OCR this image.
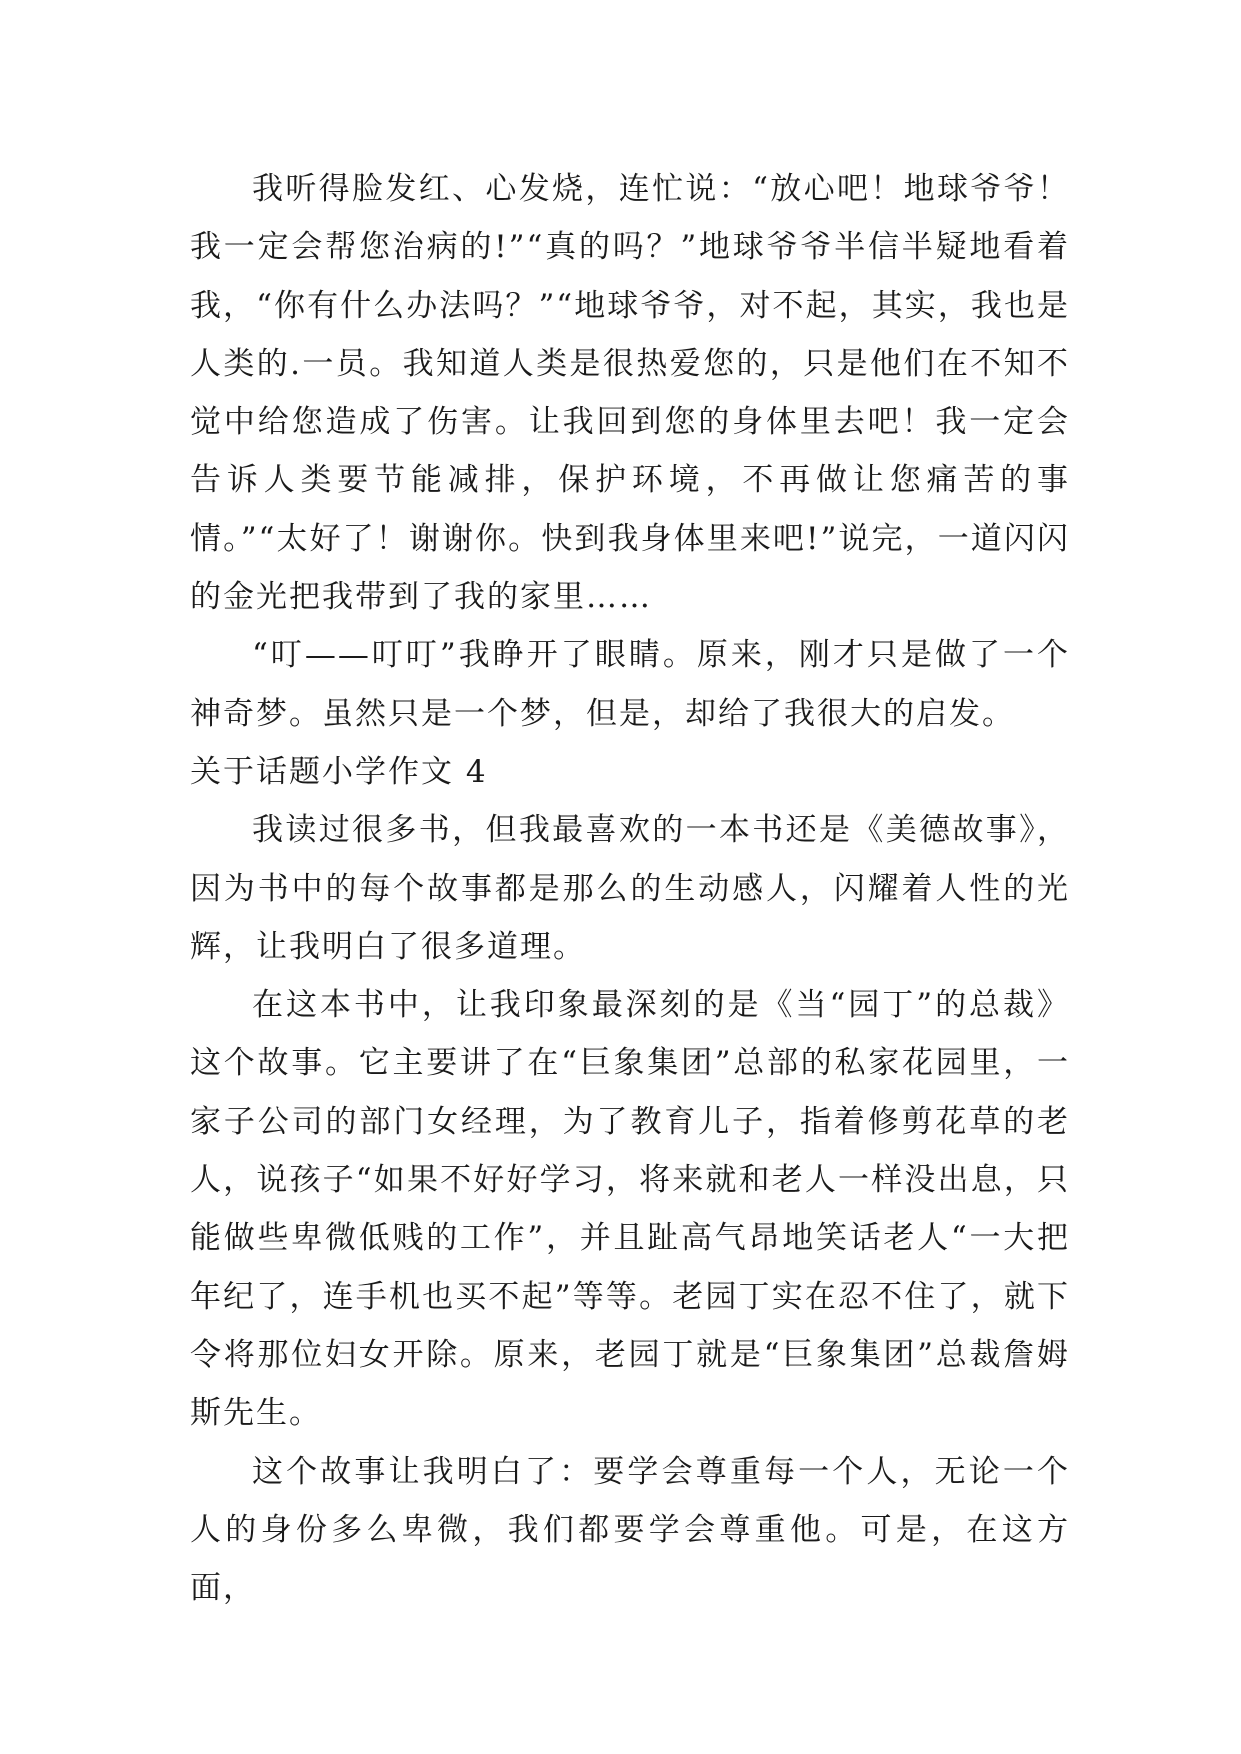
我听得脸发红、心发烧，连忙说：“放心吧！地球爷爷！我一定会帮您治病的!”“真的吗？”地球爷爷半信半疑地看着我，“你有什么办法吗？”“地球爷爷，对不起，其实，我也是人类的.一员。我知道人类是很热爱您的，只是他们在不知不觉中给您造成了伤害。让我回到您的身体里去吧！我一定会告诉人类要节能减排，保护环境，不再做让您痛苦的事情。”“太好了！谢谢你。快到我身体里来吧!”说完，一道闪闪的金光把我带到了我的家里……

“叮——叮叮”我睁开了眼睛。原来，刚才只是做了一个神奇梦。虽然只是一个梦，但是，却给了我很大的启发。

关于话题小学作文 4

我读过很多书，但我最喜欢的一本书还是《美德故事》，因为书中的每个故事都是那么的生动感人，闪耀着人性的光辉，让我明白了很多道理。

在这本书中，让我印象最深刻的是《当“园丁”的总裁》这个故事。它主要讲了在“巨象集团”总部的私家花园里，一家子公司的部门女经理，为了教育儿子，指着修剪花草的老人，说孩子“如果不好好学习，将来就和老人一样没出息，只能做些卑微低贱的工作”，并且趾高气昂地笑话老人“一大把年纪了，连手机也买不起”等等。老园丁实在忍不住了，就下令将那位妇女开除。原来，老园丁就是“巨象集团”总裁詹姆斯先生。

这个故事让我明白了：要学会尊重每一个人，无论一个人的身份多么卑微，我们都要学会尊重他。可是，在这方面，
